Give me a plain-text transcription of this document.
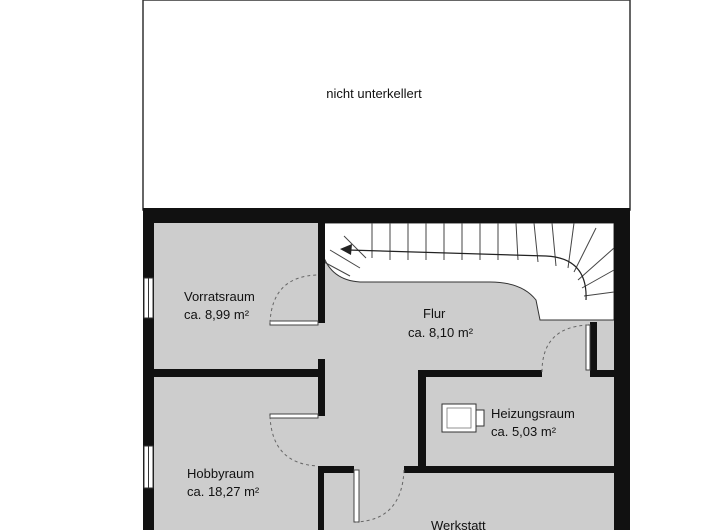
nicht unterkellert
Vorratsraum
ca. 8,99 m²	Flur
ca. 8,10 m²
Heizungsraum
ca. 5,03 m²
Hobbyraum
ca. 18,27 m²
Werkstatt
